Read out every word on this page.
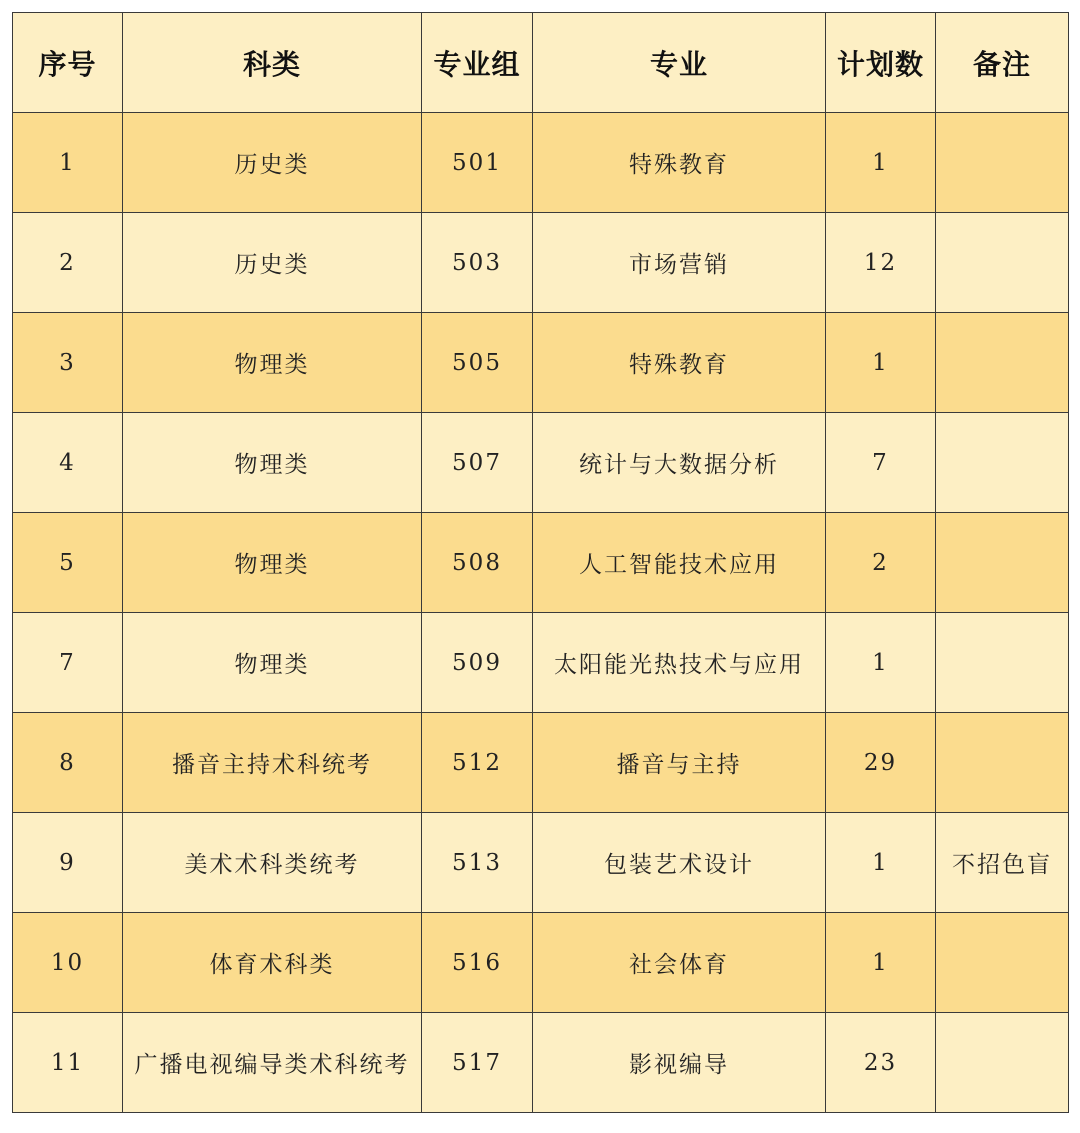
序号	科类	专业组	专业	计划数	备注
1	历史类	501	特殊教育	1	
2	历史类	503	市场营销	12	
3	物理类	505	特殊教育	1	
4	物理类	507	统计与大数据分析	7	
5	物理类	508	人工智能技术应用	2	
7	物理类	509	太阳能光热技术与应用	1	
8	播音主持术科统考	512	播音与主持	29	
9	美术术科类统考	513	包装艺术设计	1	不招色盲
10	体育术科类	516	社会体育	1	
11	广播电视编导类术科统考	517	影视编导	23	
